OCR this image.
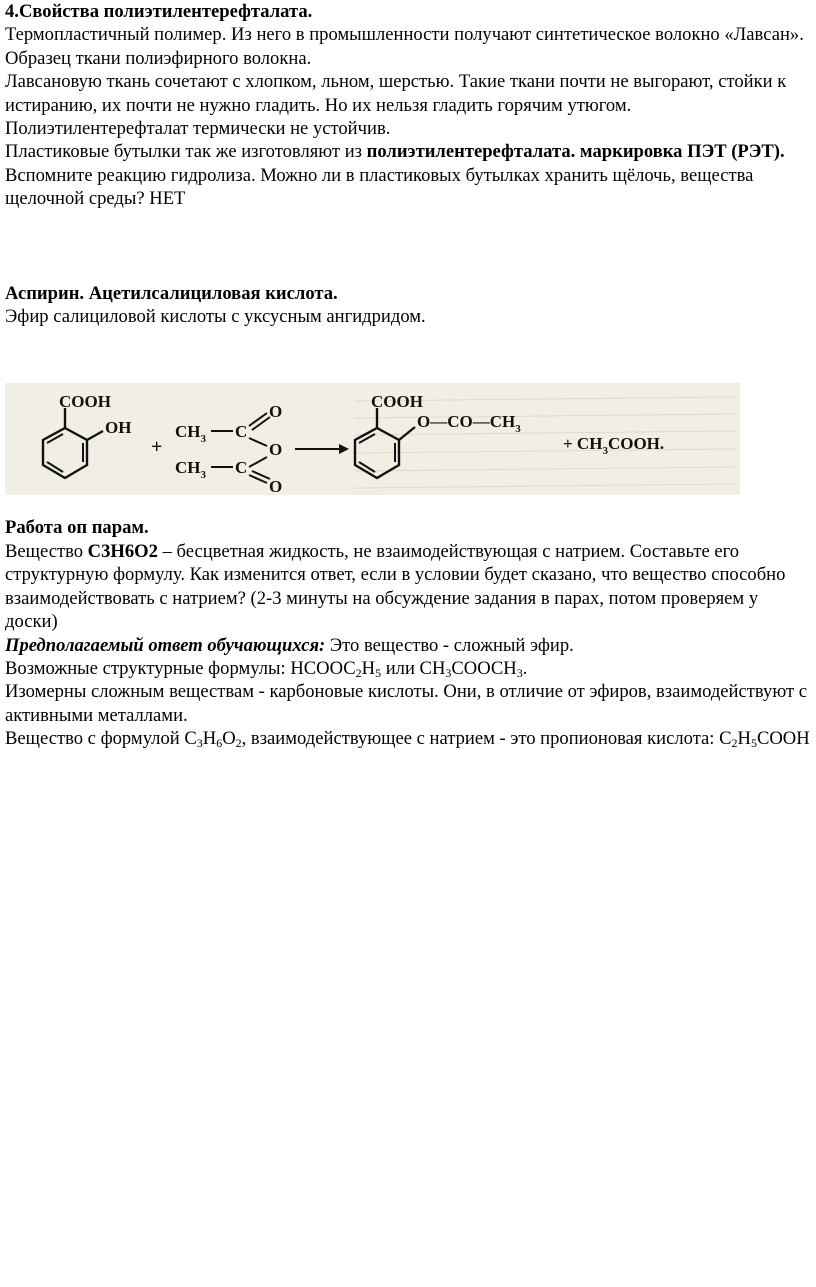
4.Свойства полиэтилентерефталата.

Термопластичный полимер. Из него в промышленности получают синтетическое волокно «Лавсан».

Образец ткани полиэфирного волокна.

Лавсановую ткань сочетают с хлопком, льном, шерстью. Такие ткани почти не выгорают, стойки к истиранию, их почти не нужно гладить. Но их нельзя гладить горячим утюгом.

Полиэтилентерефталат термически не устойчив.

Пластиковые бутылки так же изготовляют из полиэтилентерефталата. маркировка ПЭТ (РЭТ).

Вспомните реакцию гидролиза. Можно ли в пластиковых бутылках хранить щёлочь, вещества щелочной среды? НЕТ

Аспирин. Ацетилсалициловая кислота.

Эфир салициловой кислоты с уксусным ангидридом.

Работа оп парам.

Вещество С3Н6О2 – бесцветная жидкость, не взаимодействующая с натрием. Составьте его структурную формулу. Как изменится ответ, если в условии будет сказано, что вещество способно взаимодействовать с натрием? (2-3 минуты на обсуждение задания в парах, потом проверяем у доски)

Предполагаемый ответ обучающихся: Это вещество - сложный эфир.

Возможные структурные формулы: $НСООС_2Н_5$ или $СН_3СООСН_3$.

Изомерны сложным веществам - карбоновые кислоты. Они, в отличие от эфиров, взаимодействуют с активными металлами.

Вещество с формулой $С_3Н_6О_2$, взаимодействующее с натрием - это пропионовая кислота: $С_2Н_5СООН$

COOH
OH
+
$CH_3$ C
O
O
$CH_3$ C
O
COOH
$O—CO—CH_3$
+ $CH_3COOH$.
